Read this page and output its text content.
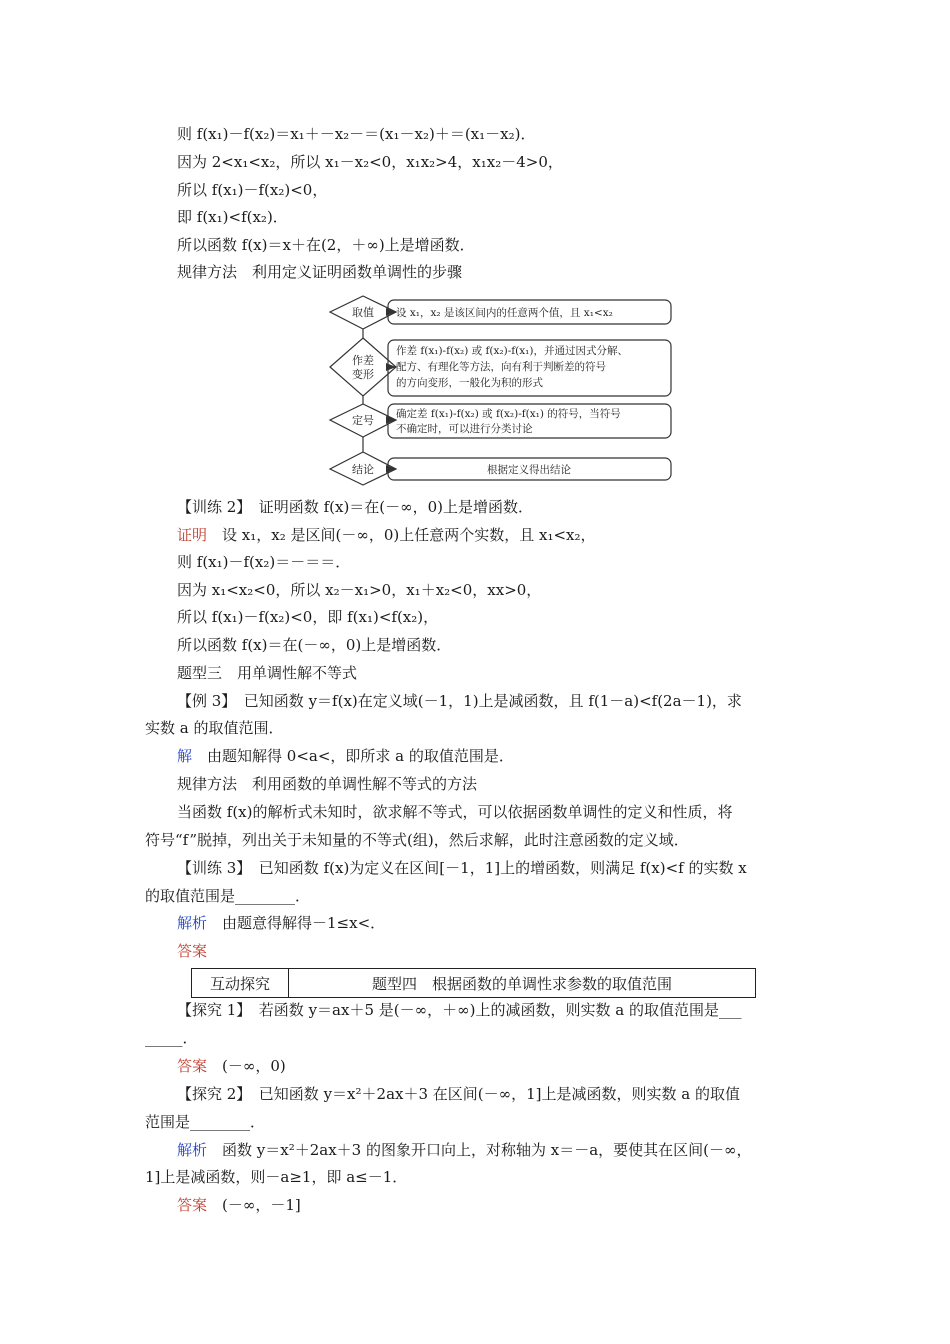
则 f(x₁)－f(x₂)＝x₁＋－x₂－＝(x₁－x₂)＋＝(x₁－x₂)．
因为 2<x₁<x₂，所以 x₁－x₂<0，x₁x₂>4，x₁x₂－4>0，
所以 f(x₁)－f(x₂)<0，
即 f(x₁)<f(x₂)．
所以函数 f(x)＝x＋在(2，＋∞)上是增函数．
规律方法　利用定义证明函数单调性的步骤
取值
作差
变形
定号
结论
设 x₁，x₂ 是该区间内的任意两个值，且 x₁<x₂
作差 f(x₁)-f(x₂) 或 f(x₂)-f(x₁)，并通过因式分解、
配方、有理化等方法，向有利于判断差的符号
的方向变形，一般化为积的形式
确定差 f(x₁)-f(x₂) 或 f(x₂)-f(x₁) 的符号，当符号
不确定时，可以进行分类讨论
根据定义得出结论
【训练 2】　证明函数 f(x)＝在(－∞，0)上是增函数．
证明　设 x₁，x₂ 是区间(－∞，0)上任意两个实数，且 x₁<x₂，
则 f(x₁)－f(x₂)＝－＝＝．
因为 x₁<x₂<0，所以 x₂－x₁>0，x₁＋x₂<0，xx>0，
所以 f(x₁)－f(x₂)<0，即 f(x₁)<f(x₂)，
所以函数 f(x)＝在(－∞，0)上是增函数．
题型三　用单调性解不等式
【例 3】　已知函数 y＝f(x)在定义域(－1，1)上是减函数，且 f(1－a)<f(2a－1)，求
实数 a 的取值范围．
解　由题知解得 0<a<，即所求 a 的取值范围是．
规律方法　利用函数的单调性解不等式的方法
当函数 f(x)的解析式未知时，欲求解不等式，可以依据函数单调性的定义和性质，将
符号“f”脱掉，列出关于未知量的不等式(组)，然后求解，此时注意函数的定义域．
【训练 3】　已知函数 f(x)为定义在区间[－1，1]上的增函数，则满足 f(x)<f 的实数 x
的取值范围是________．
解析　由题意得解得－1≤x<．
答案
互动探究	题型四　根据函数的单调性求参数的取值范围
【探究 1】　若函数 y＝ax＋5 是(－∞，＋∞)上的减函数，则实数 a 的取值范围是___
_____．
答案　(－∞，0)
【探究 2】　已知函数 y＝x²＋2ax＋3 在区间(－∞，1]上是减函数，则实数 a 的取值
范围是________．
解析　函数 y＝x²＋2ax＋3 的图象开口向上，对称轴为 x＝－a，要使其在区间(－∞，
1]上是减函数，则－a≥1，即 a≤－1．
答案　(－∞，－1]
